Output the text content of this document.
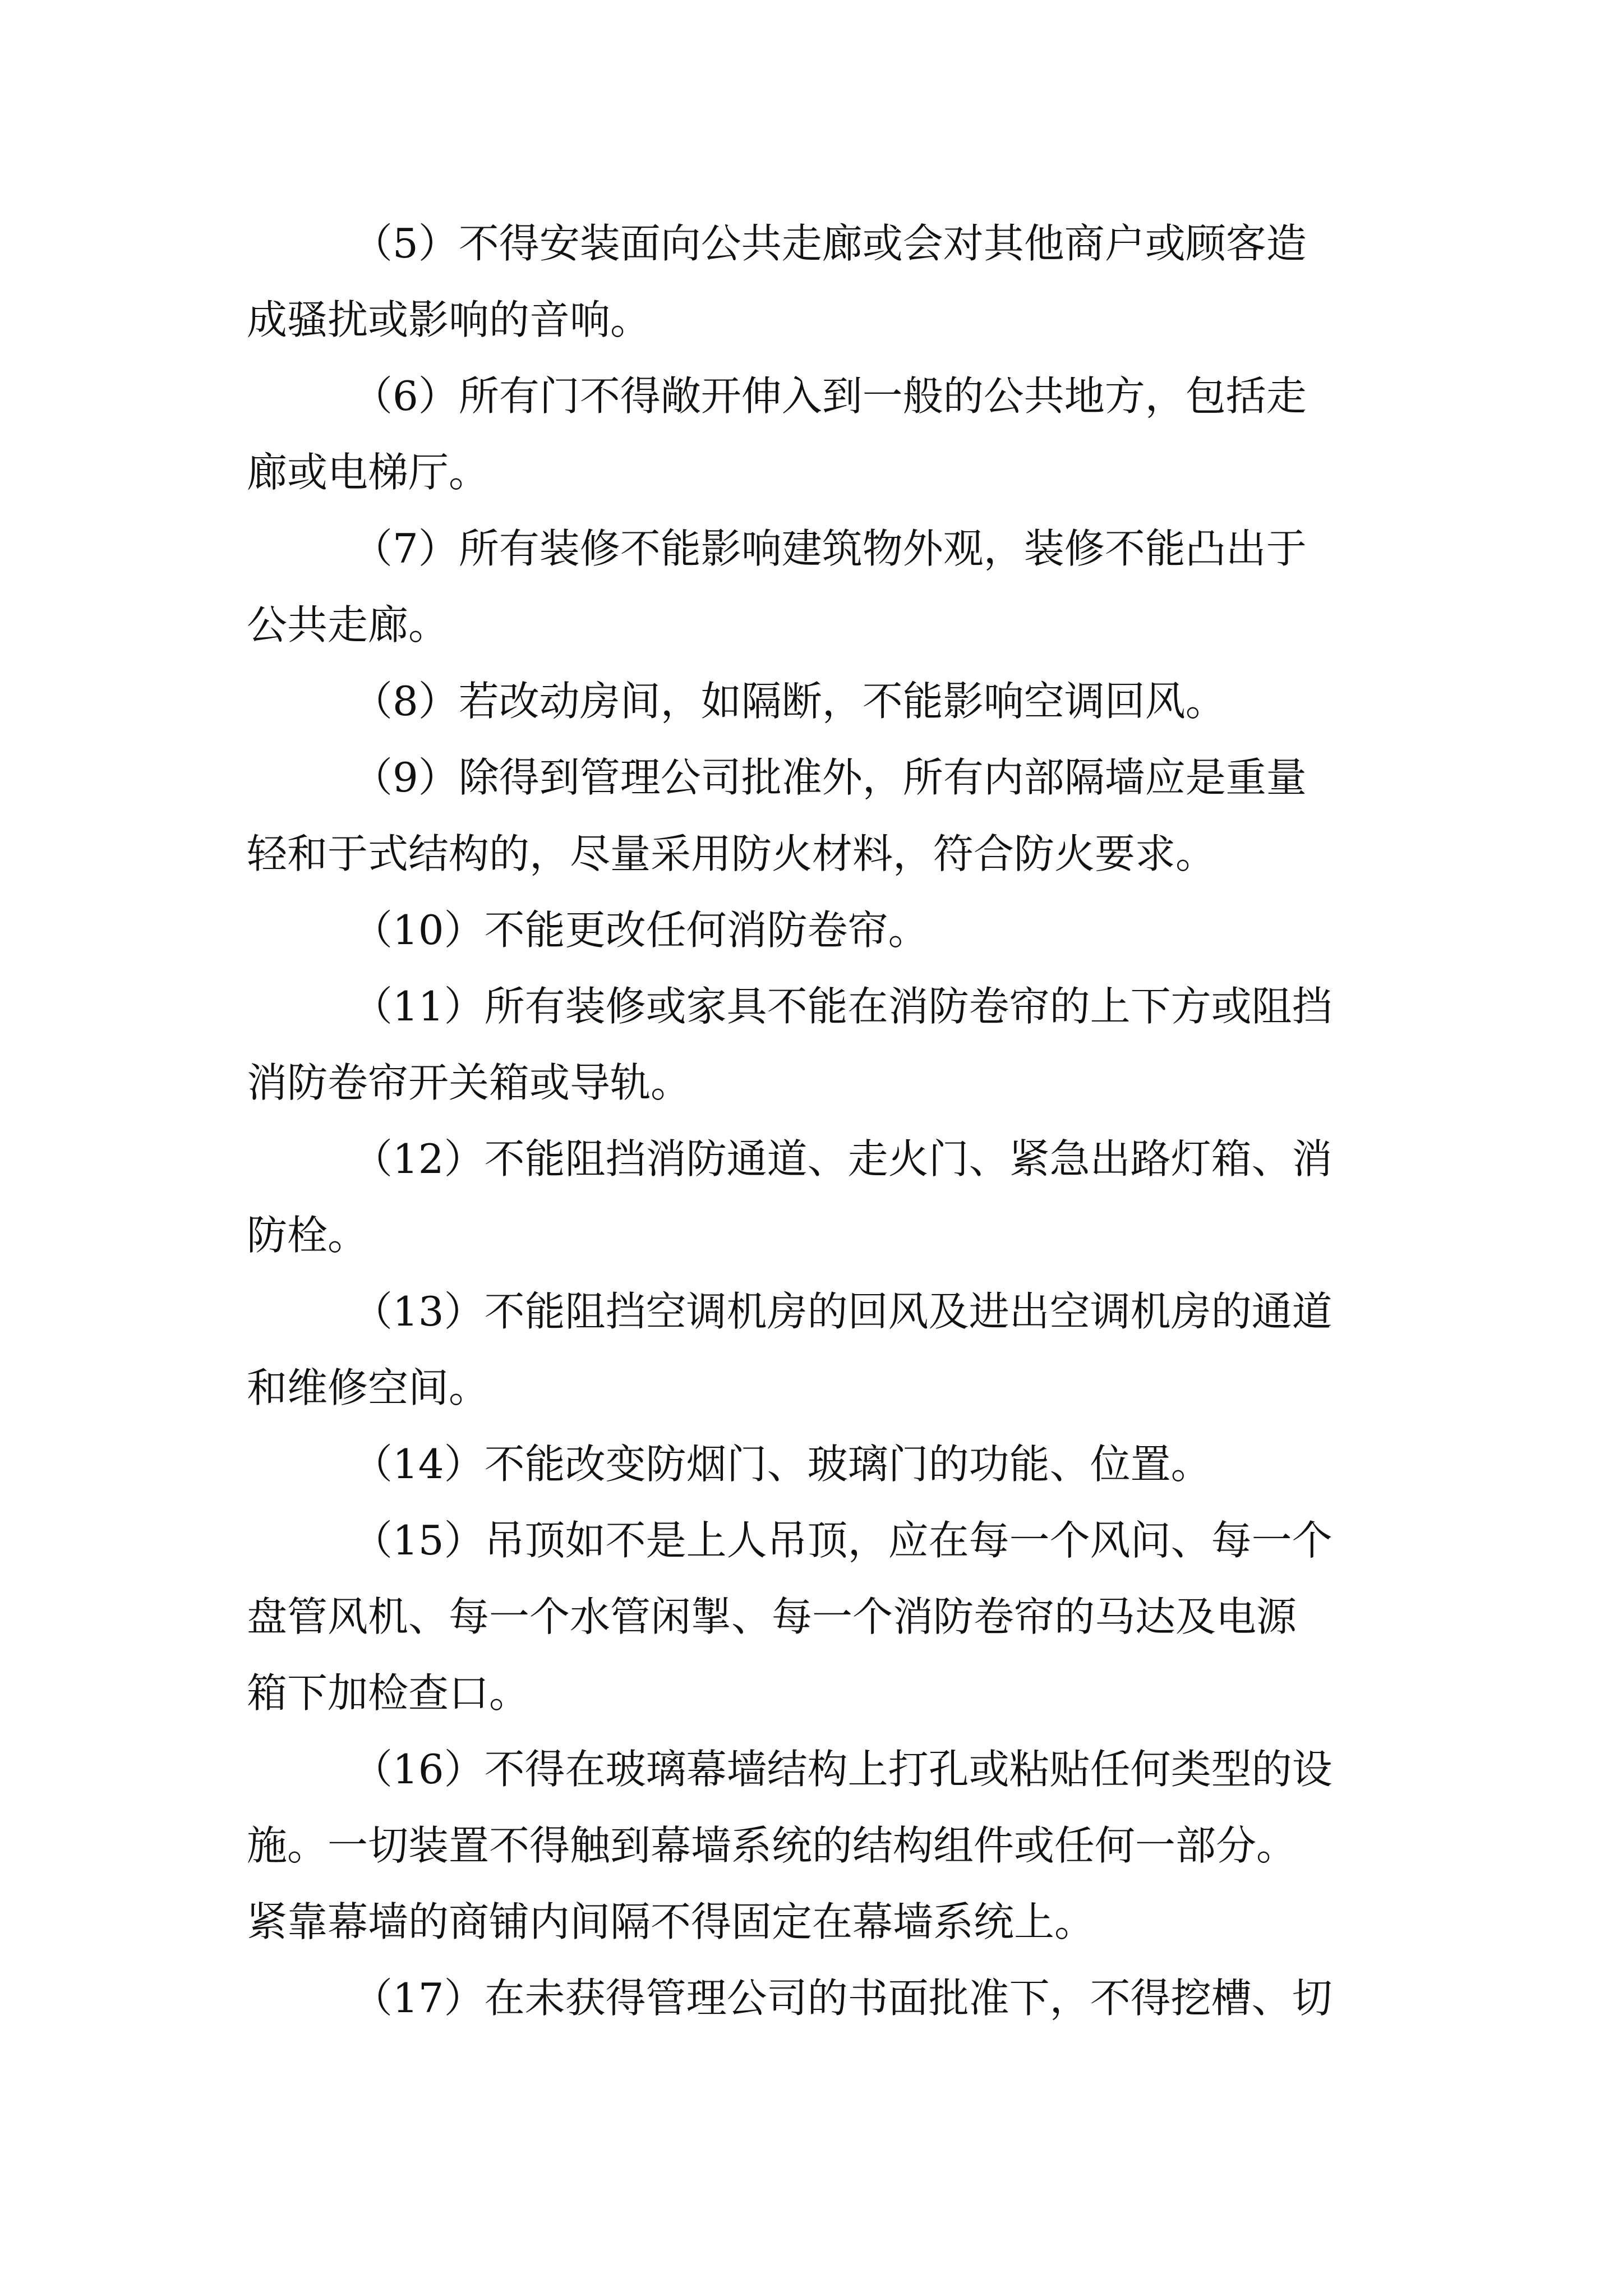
（5）不得安装面向公共走廊或会对其他商户或顾客造

成骚扰或影响的音响。

（6）所有门不得敞开伸入到一般的公共地方，包括走

廊或电梯厅。

（7）所有装修不能影响建筑物外观，装修不能凸出于

公共走廊。

（8）若改动房间，如隔断，不能影响空调回风。

（9）除得到管理公司批准外，所有内部隔墙应是重量

轻和于式结构的，尽量采用防火材料，符合防火要求。

（10）不能更改任何消防卷帘。

（11）所有装修或家具不能在消防卷帘的上下方或阻挡

消防卷帘开关箱或导轨。

（12）不能阻挡消防通道、走火门、紧急出路灯箱、消

防栓。

（13）不能阻挡空调机房的回风及进出空调机房的通道

和维修空间。

（14）不能改变防烟门、玻璃门的功能、位置。

（15）吊顶如不是上人吊顶，应在每一个风问、每一个

盘管风机、每一个水管闲掣、每一个消防卷帘的马达及电源

箱下加检查口。

（16）不得在玻璃幕墙结构上打孔或粘贴任何类型的设

施。一切装置不得触到幕墙系统的结构组件或任何一部分。

紧靠幕墙的商铺内间隔不得固定在幕墙系统上。

（17）在未获得管理公司的书面批准下，不得挖槽、切
